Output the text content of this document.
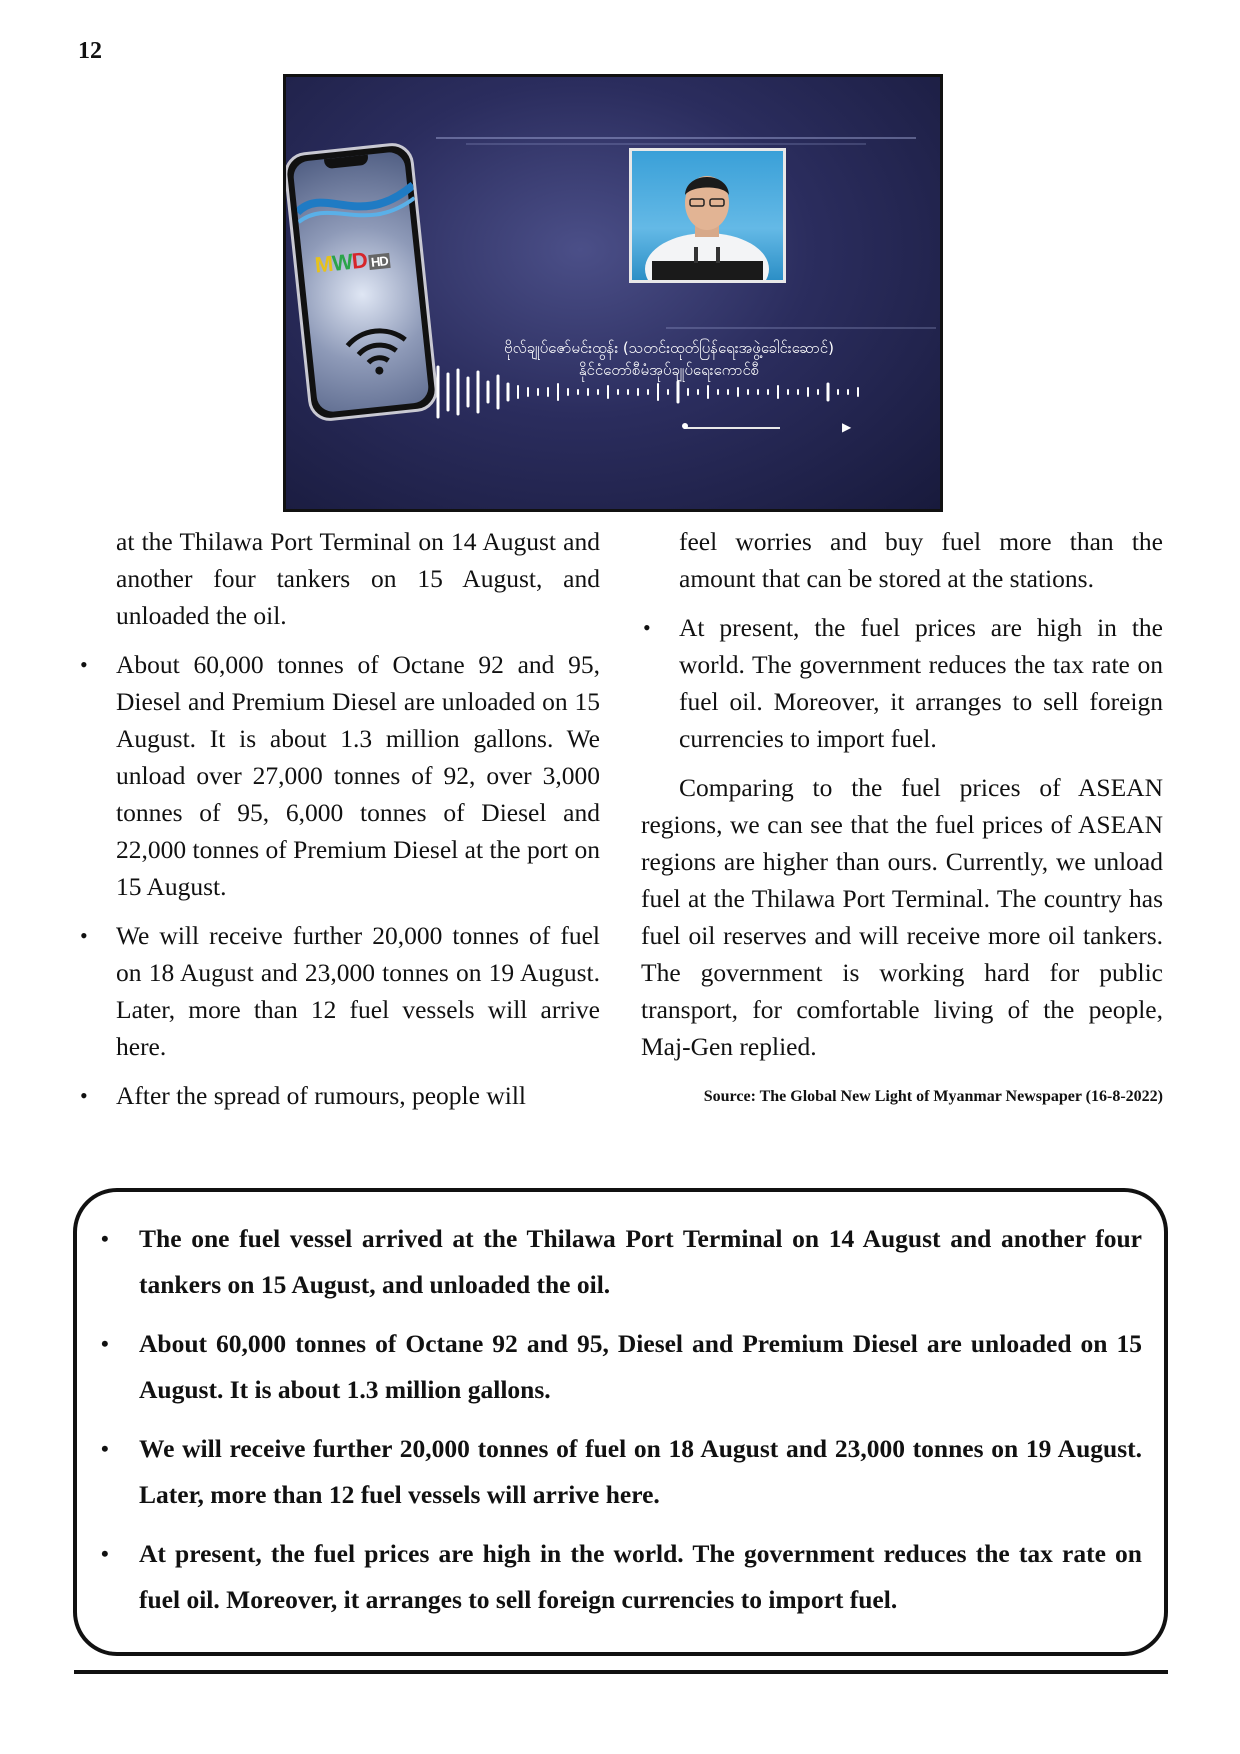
12
MWD HD
ဗိုလ်ချုပ်ဇော်မင်းထွန်း (သတင်းထုတ်ပြန်ရေးအဖွဲ့ခေါင်းဆောင်)
နိုင်ငံတော်စီမံအုပ်ချုပ်ရေးကောင်စီ
▶

at the Thilawa Port Terminal on 14 August and another four tankers on 15 August, and unloaded the oil.

• About 60,000 tonnes of Octane 92 and 95, Diesel and Premium Diesel are unloaded on 15 August. It is about 1.3 million gallons. We unload over 27,000 tonnes of 92, over 3,000 tonnes of 95, 6,000 tonnes of Diesel and 22,000 tonnes of Premium Diesel at the port on 15 August.
• We will receive further 20,000 tonnes of fuel on 18 August and 23,000 tonnes on 19 August. Later, more than 12 fuel vessels will arrive here.
• After the spread of rumours, people will

feel worries and buy fuel more than the amount that can be stored at the stations.

• At present, the fuel prices are high in the world. The government reduces the tax rate on fuel oil. Moreover, it arranges to sell foreign currencies to import fuel.

Comparing to the fuel prices of ASEAN regions, we can see that the fuel prices of ASEAN regions are higher than ours. Currently, we unload fuel at the Thilawa Port Terminal. The country has fuel oil reserves and will receive more oil tankers. The government is working hard for public transport, for comfortable living of the people, Maj-Gen replied.

Source: The Global New Light of Myanmar Newspaper (16-8-2022)
• The one fuel vessel arrived at the Thilawa Port Terminal on 14 August and another four tankers on 15 August, and unloaded the oil.
• About 60,000 tonnes of Octane 92 and 95, Diesel and Premium Diesel are unloaded on 15 August. It is about 1.3 million gallons.
• We will receive further 20,000 tonnes of fuel on 18 August and 23,000 tonnes on 19 August. Later, more than 12 fuel vessels will arrive here.
• At present, the fuel prices are high in the world. The government reduces the tax rate on fuel oil. Moreover, it arranges to sell foreign currencies to import fuel.
